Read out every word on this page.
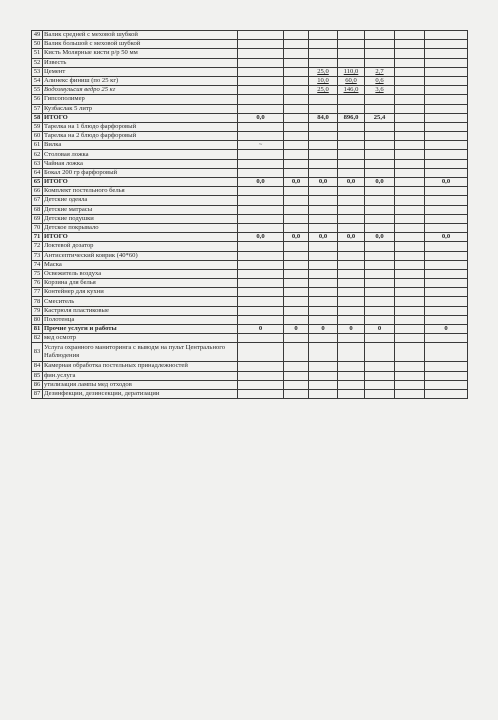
49	Валик средней с меховой шубкой							
50	Валик большой с меховой шубкой							
51	Кисть Молярные кисти р/р 50 мм							
52	Известь							
53	Цемент			25,0	110,0	2,7		
54	Алинекс финиш (по 25 кг)			10,0	60,0	0,6		
55	Водоэмульсия ведро 25 кг			25,0	146,0	3,6		
56	Гипсополимер							
57	Кузбаслак 5 литр							
58	ИТОГО	0,0		84,0	896,0	25,4		
59	Тарелка на 1 блюдо фарфоровый							
60	Тарелка на 2 блюдо фарфоровый							
61	Вилка	~						
62	Столовая ложка							
63	Чайная ложка							
64	Бокал 200 гр фарфоровый							
65	ИТОГО	0,0	0,0	0,0	0,0	0,0		0,0
66	Комплект постельного белья							
67	Детские одеяла							
68	Детские матрасы							
69	Детские подушки							
70	Детское покрывало							
71	ИТОГО	0,0	0,0	0,0	0,0	0,0		0,0
72	Локтевой дозатор							
73	Антисептический коврик (40*60)							
74	Маска							
75	Освежитель воздуха							
76	Корзина для белья							
77	Контейнер для кухни							
78	Смеситель							
79	Кастрюля пластиковые							
80	Полотенца							
81	Прочие услуги и работы	0	0	0	0	0		0
82	мед осмотр							
83	Услуга охранного маниторинга с выводм на пульт Центрального Наблюдения							
84	Камерная обработка постельных принадлежностей							
85	фин.услуга							
86	утилизация лампы мед отходов							
87	Дезинфекции, дезинсекции, дератизации							
